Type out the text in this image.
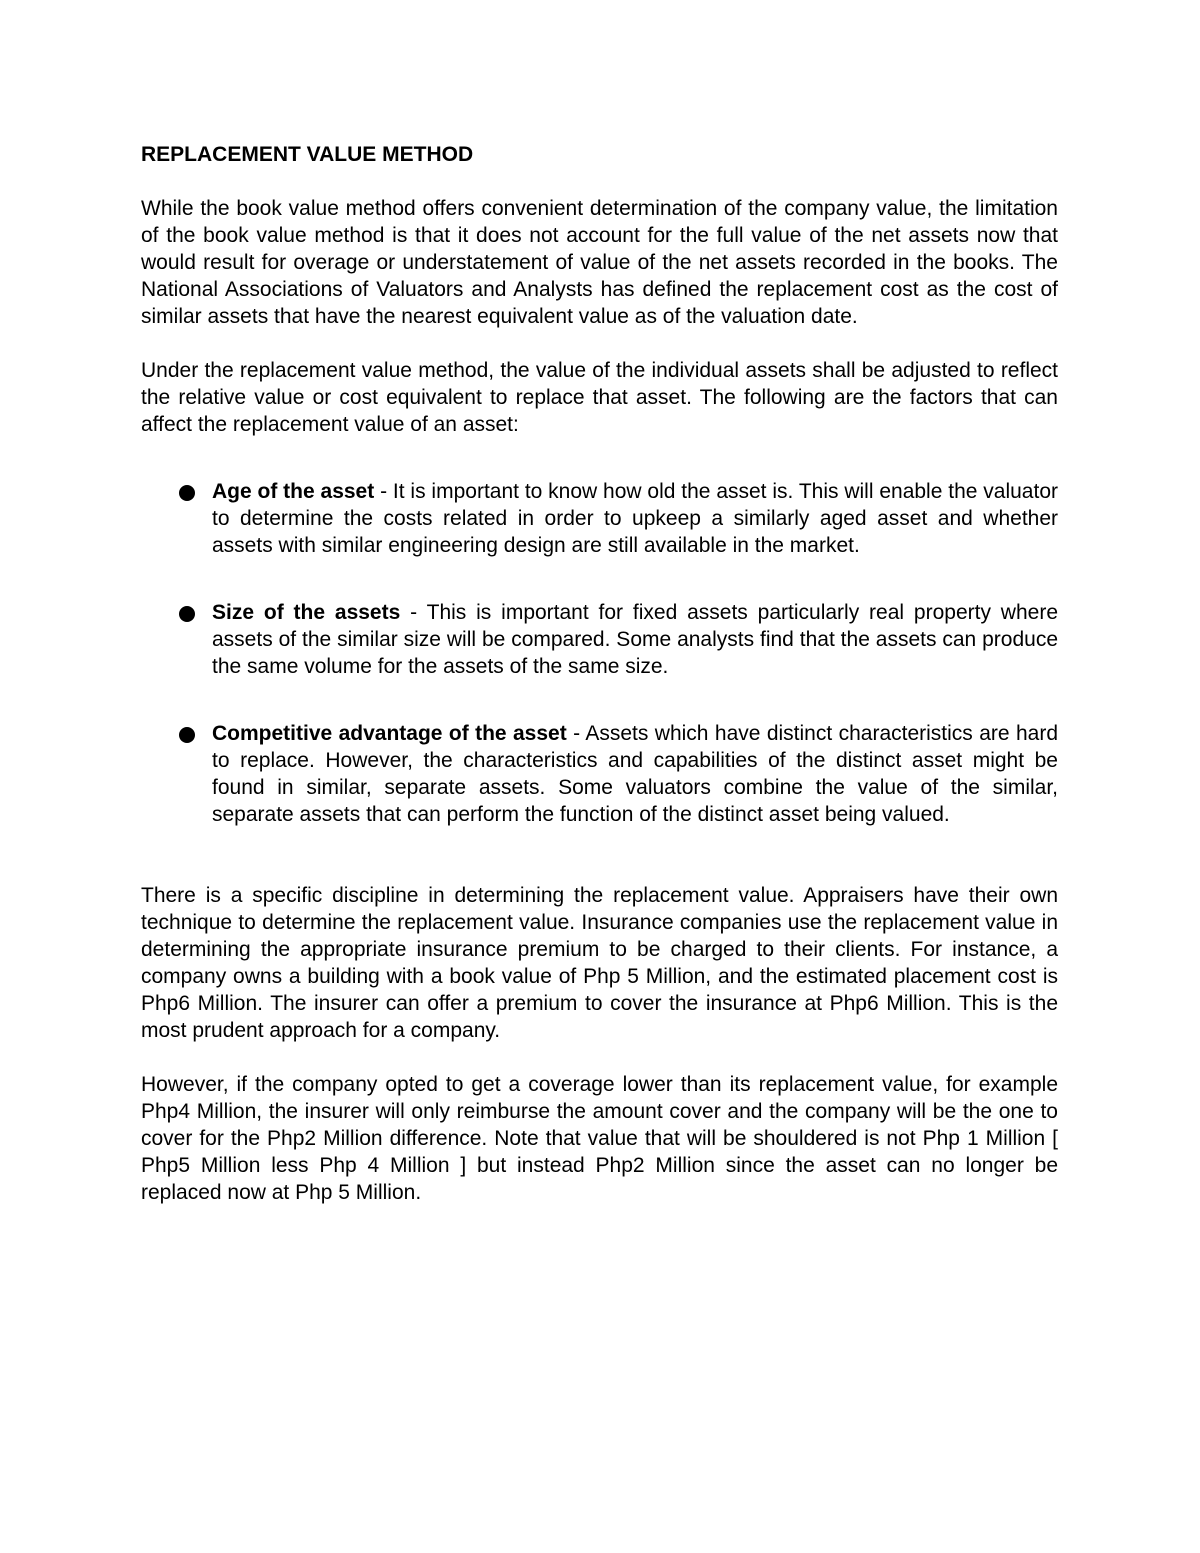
REPLACEMENT VALUE METHOD

While the book value method offers convenient determination of the company value, the limitation of the book value method is that it does not account for the full value of the net assets now that would result for overage or understatement of value of the net assets recorded in the books. The National Associations of Valuators and Analysts has defined the replacement cost as the cost of similar assets that have the nearest equivalent value as of the valuation date.

Under the replacement value method, the value of the individual assets shall be adjusted to reflect the relative value or cost equivalent to replace that asset. The following are the factors that can affect the replacement value of an asset:

Age of the asset - It is important to know how old the asset is. This will enable the valuator to determine the costs related in order to upkeep a similarly aged asset and whether assets with similar engineering design are still available in the market.
Size of the assets - This is important for fixed assets particularly real property where assets of the similar size will be compared. Some analysts find that the assets can produce the same volume for the assets of the same size.
Competitive advantage of the asset - Assets which have distinct characteristics are hard to replace. However, the characteristics and capabilities of the distinct asset might be found in similar, separate assets. Some valuators combine the value of the similar, separate assets that can perform the function of the distinct asset being valued.

There is a specific discipline in determining the replacement value. Appraisers have their own technique to determine the replacement value. Insurance companies use the replacement value in determining the appropriate insurance premium to be charged to their clients. For instance, a company owns a building with a book value of Php 5 Million, and the estimated placement cost is Php6 Million. The insurer can offer a premium to cover the insurance at Php6 Million. This is the most prudent approach for a company.

However, if the company opted to get a coverage lower than its replacement value, for example Php4 Million, the insurer will only reimburse the amount cover and the company will be the one to cover for the Php2 Million difference. Note that value that will be shouldered is not Php 1 Million [ Php5 Million less Php 4 Million ] but instead Php2 Million since the asset can no longer be replaced now at Php 5 Million.
